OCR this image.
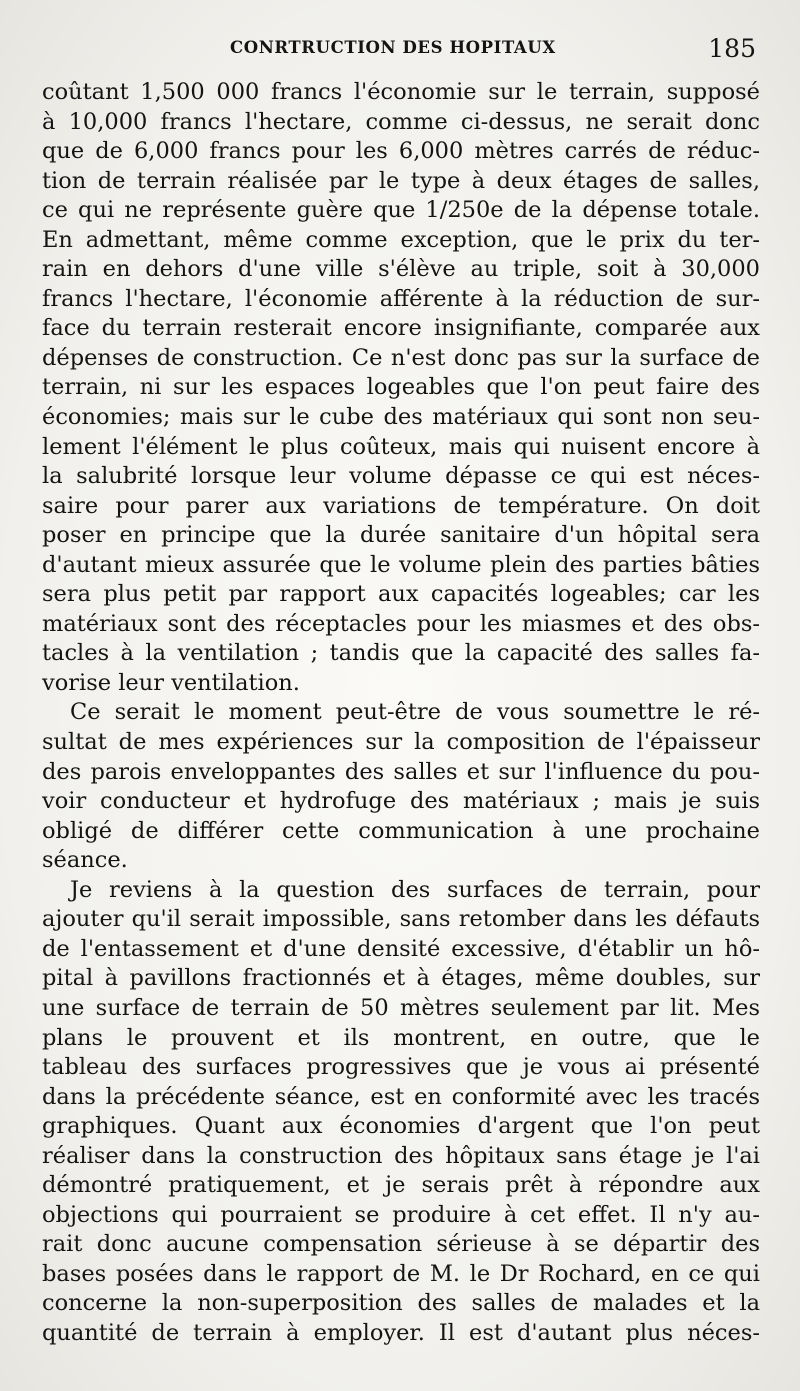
CONRTRUCTION DES HOPITAUX	185
coûtant 1,500 000 francs l'économie sur le terrain, supposé
à 10,000 francs l'hectare, comme ci-dessus, ne serait donc
que de 6,000 francs pour les 6,000 mètres carrés de réduc-
tion de terrain réalisée par le type à deux étages de salles,
ce qui ne représente guère que 1/250e de la dépense totale.
En admettant, même comme exception, que le prix du ter-
rain en dehors d'une ville s'élève au triple, soit à 30,000
francs l'hectare, l'économie afférente à la réduction de sur-
face du terrain resterait encore insignifiante, comparée aux
dépenses de construction. Ce n'est donc pas sur la surface de
terrain, ni sur les espaces logeables que l'on peut faire des
économies; mais sur le cube des matériaux qui sont non seu-
lement l'élément le plus coûteux, mais qui nuisent encore à
la salubrité lorsque leur volume dépasse ce qui est néces-
saire pour parer aux variations de température. On doit
poser en principe que la durée sanitaire d'un hôpital sera
d'autant mieux assurée que le volume plein des parties bâties
sera plus petit par rapport aux capacités logeables; car les
matériaux sont des réceptacles pour les miasmes et des obs-
tacles à la ventilation ; tandis que la capacité des salles fa-
vorise leur ventilation.
Ce serait le moment peut-être de vous soumettre le ré-
sultat de mes expériences sur la composition de l'épaisseur
des parois enveloppantes des salles et sur l'influence du pou-
voir conducteur et hydrofuge des matériaux ; mais je suis
obligé de différer cette communication à une prochaine
séance.
Je reviens à la question des surfaces de terrain, pour
ajouter qu'il serait impossible, sans retomber dans les défauts
de l'entassement et d'une densité excessive, d'établir un hô-
pital à pavillons fractionnés et à étages, même doubles, sur
une surface de terrain de 50 mètres seulement par lit. Mes
plans le prouvent et ils montrent, en outre, que le
tableau des surfaces progressives que je vous ai présenté
dans la précédente séance, est en conformité avec les tracés
graphiques. Quant aux économies d'argent que l'on peut
réaliser dans la construction des hôpitaux sans étage je l'ai
démontré pratiquement, et je serais prêt à répondre aux
objections qui pourraient se produire à cet effet. Il n'y au-
rait donc aucune compensation sérieuse à se départir des
bases posées dans le rapport de M. le Dr Rochard, en ce qui
concerne la non-superposition des salles de malades et la
quantité de terrain à employer. Il est d'autant plus néces-
